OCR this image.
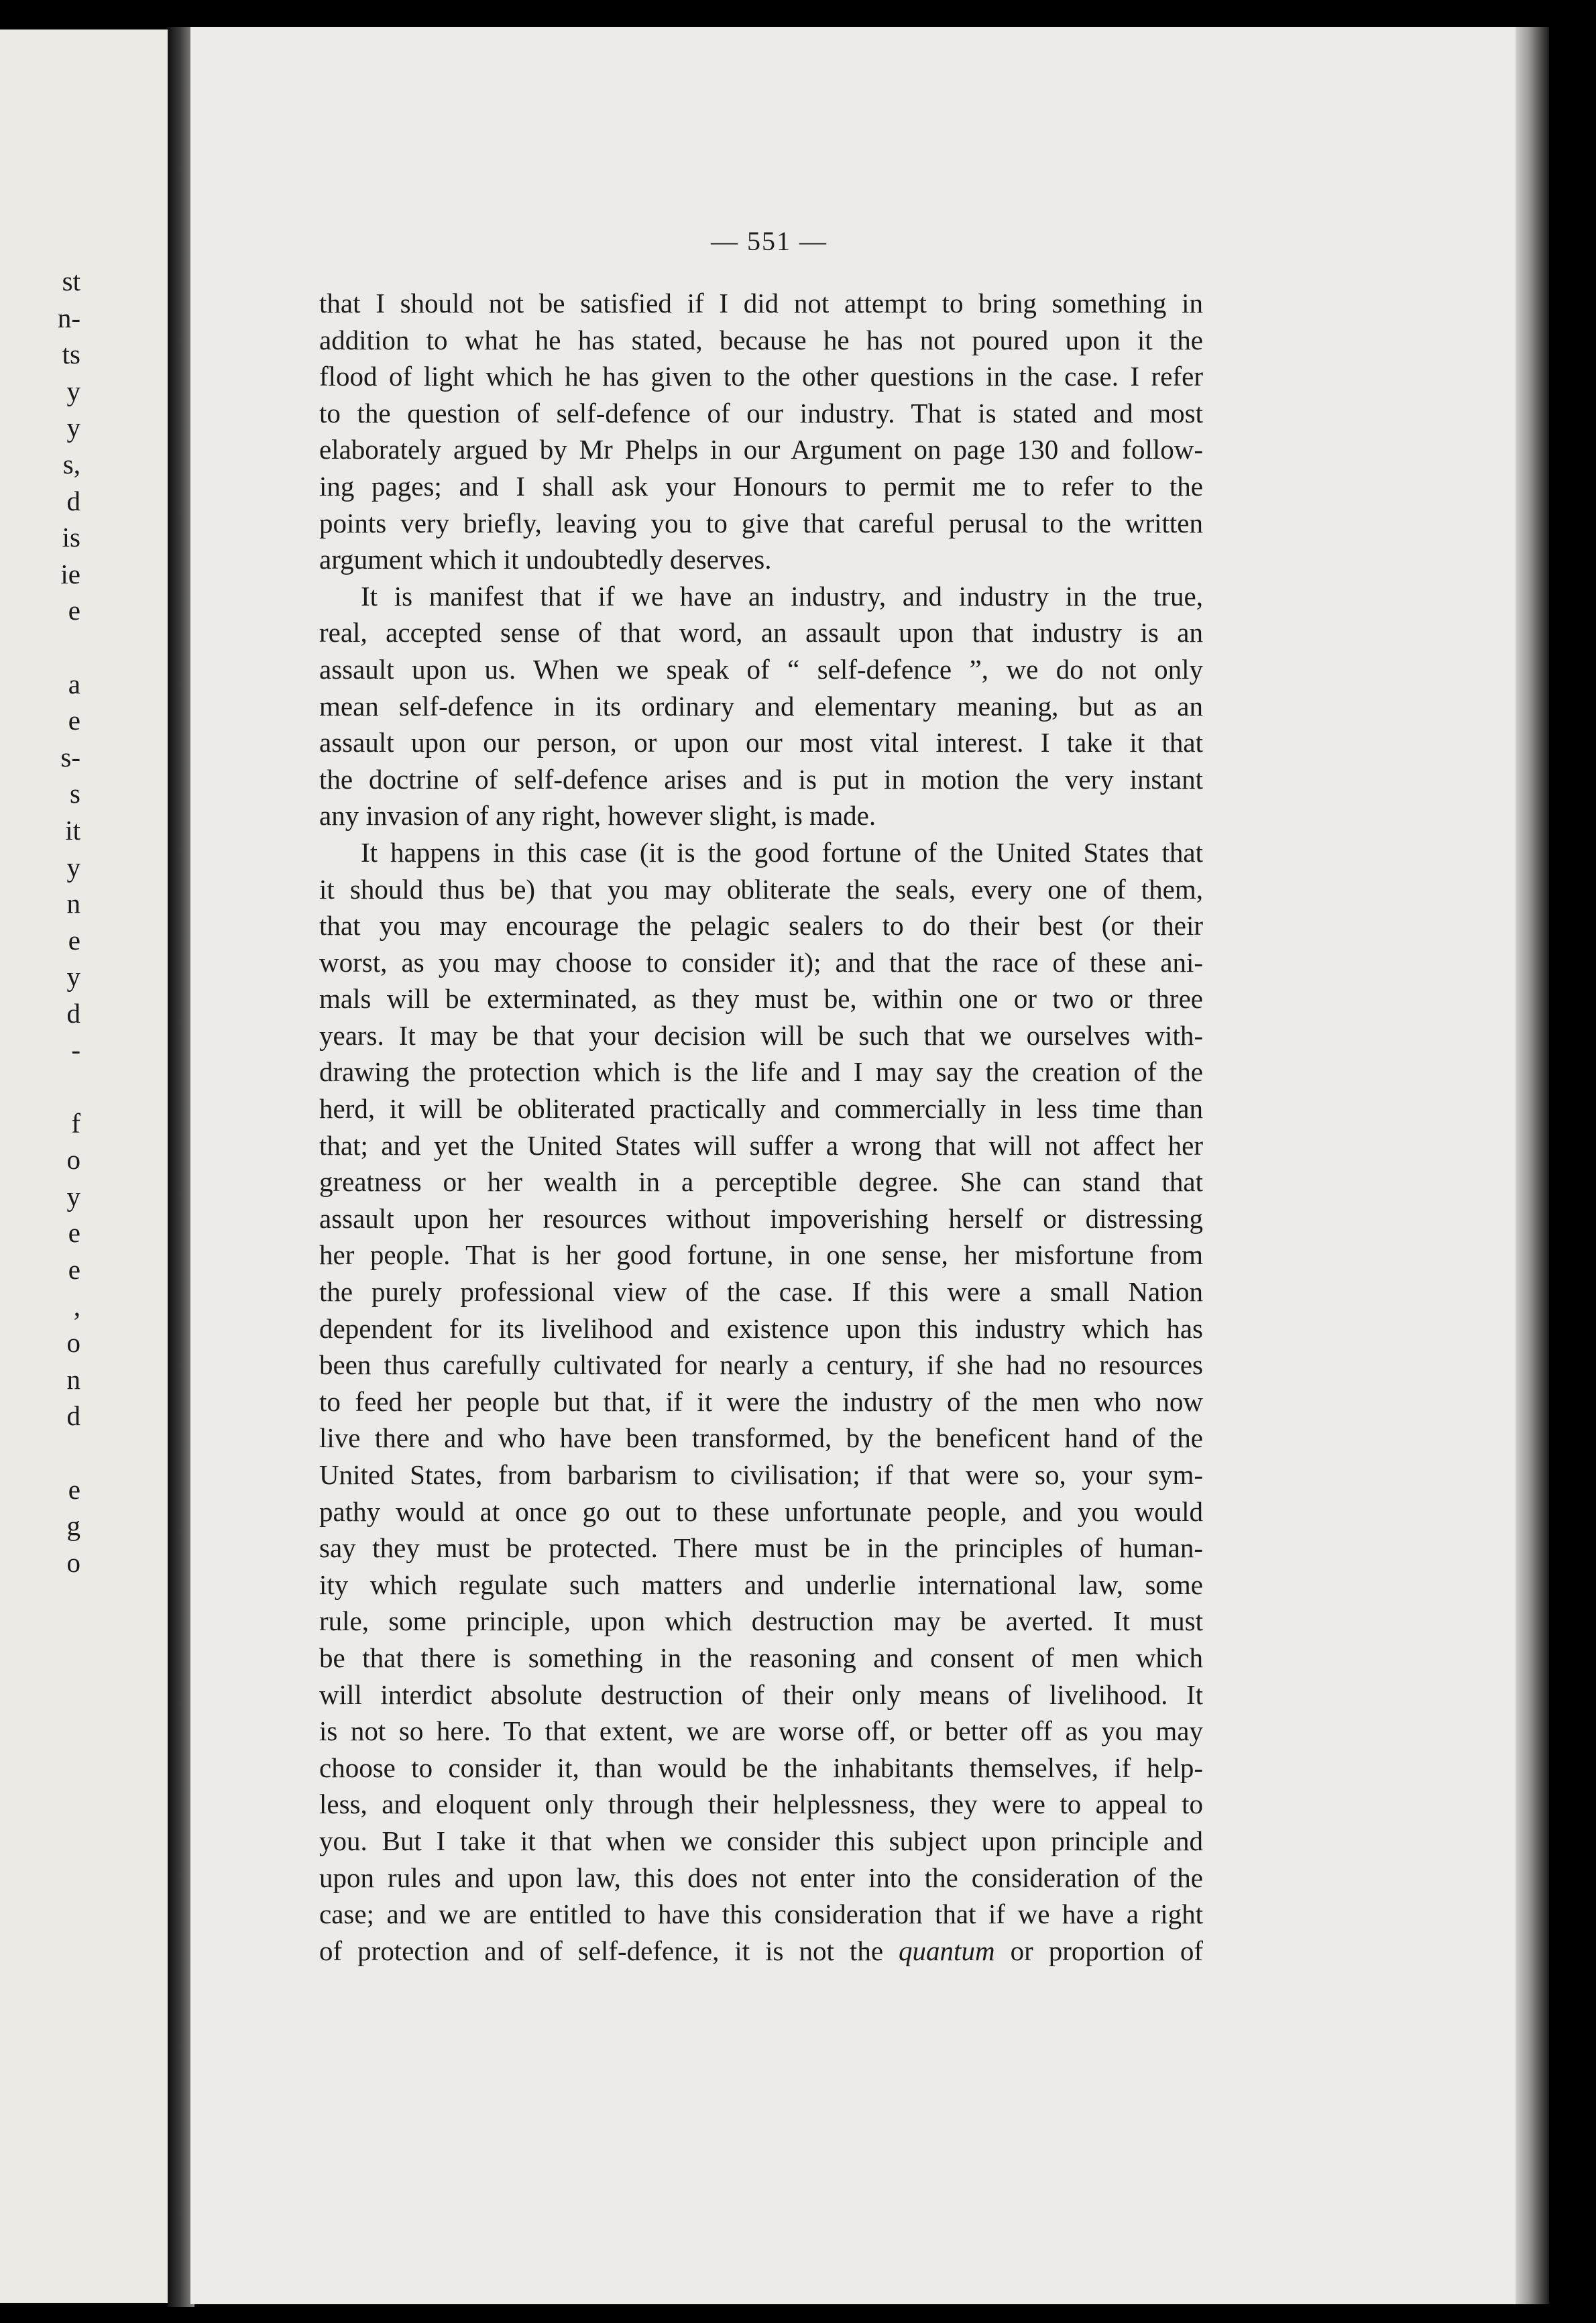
st
n-
ts
y
y
s,
d
is
ie
e
a
e
s-
s
it
y
n
e
y
d
-
f
o
y
e
e
,
o
n
d
e
g
o
— 551 —
that I should not be satisfied if I did not attempt to bring something in
addition to what he has stated, because he has not poured upon it the
flood of light which he has given to the other questions in the case. I refer
to the question of self-defence of our industry. That is stated and most
elaborately argued by Mr Phelps in our Argument on page 130 and follow-
ing pages; and I shall ask your Honours to permit me to refer to the
points very briefly, leaving you to give that careful perusal to the written
argument which it undoubtedly deserves.
It is manifest that if we have an industry, and industry in the true,
real, accepted sense of that word, an assault upon that industry is an
assault upon us. When we speak of “ self-defence ”, we do not only
mean self-defence in its ordinary and elementary meaning, but as an
assault upon our person, or upon our most vital interest. I take it that
the doctrine of self-defence arises and is put in motion the very instant
any invasion of any right, however slight, is made.
It happens in this case (it is the good fortune of the United States that
it should thus be) that you may obliterate the seals, every one of them,
that you may encourage the pelagic sealers to do their best (or their
worst, as you may choose to consider it); and that the race of these ani-
mals will be exterminated, as they must be, within one or two or three
years. It may be that your decision will be such that we ourselves with-
drawing the protection which is the life and I may say the creation of the
herd, it will be obliterated practically and commercially in less time than
that; and yet the United States will suffer a wrong that will not affect her
greatness or her wealth in a perceptible degree. She can stand that
assault upon her resources without impoverishing herself or distressing
her people. That is her good fortune, in one sense, her misfortune from
the purely professional view of the case. If this were a small Nation
dependent for its livelihood and existence upon this industry which has
been thus carefully cultivated for nearly a century, if she had no resources
to feed her people but that, if it were the industry of the men who now
live there and who have been transformed, by the beneficent hand of the
United States, from barbarism to civilisation; if that were so, your sym-
pathy would at once go out to these unfortunate people, and you would
say they must be protected. There must be in the principles of human-
ity which regulate such matters and underlie international law, some
rule, some principle, upon which destruction may be averted. It must
be that there is something in the reasoning and consent of men which
will interdict absolute destruction of their only means of livelihood. It
is not so here. To that extent, we are worse off, or better off as you may
choose to consider it, than would be the inhabitants themselves, if help-
less, and eloquent only through their helplessness, they were to appeal to
you. But I take it that when we consider this subject upon principle and
upon rules and upon law, this does not enter into the consideration of the
case; and we are entitled to have this consideration that if we have a right
of protection and of self-defence, it is not the quantum or proportion of
